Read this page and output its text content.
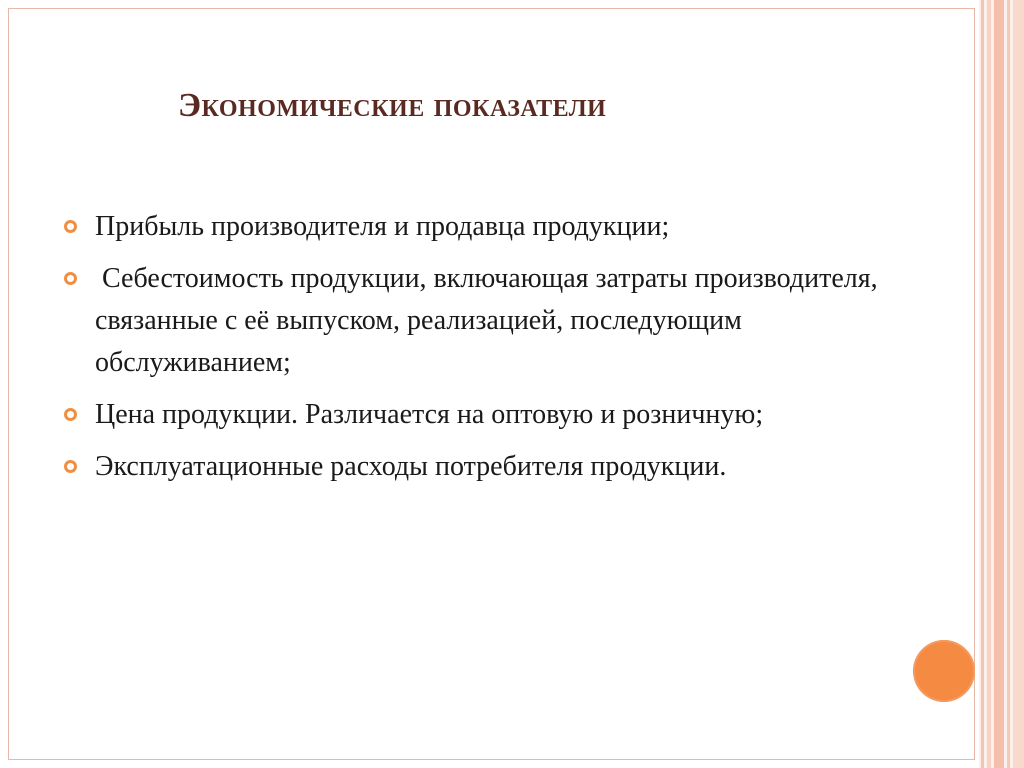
Экономические показатели
Прибыль производителя и продавца продукции;
Себестоимость продукции, включающая затраты производителя, связанные с её выпуском, реализацией, последующим обслуживанием;
Цена продукции. Различается на оптовую и розничную;
Эксплуатационные расходы потребителя продукции.
